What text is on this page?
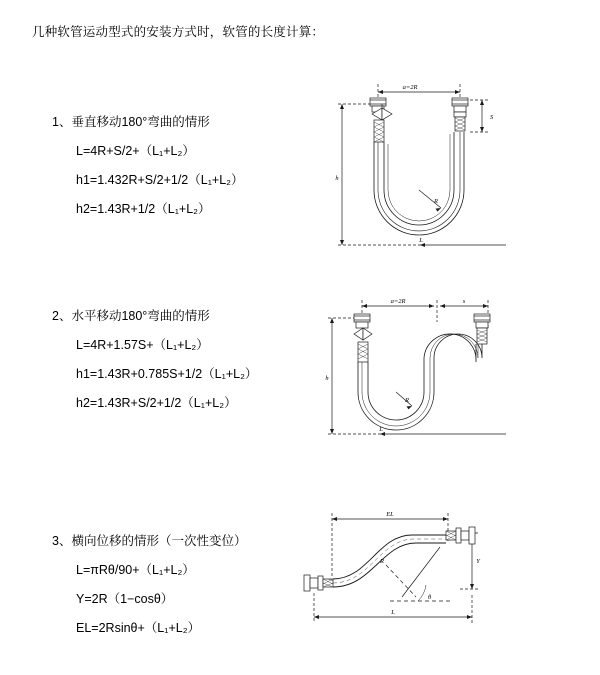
几种软管运动型式的安装方式时，软管的长度计算：
1、垂直移动180°弯曲的情形
L=4R+S/2+（L₁+L₂）
h1=1.432R+S/2+1/2（L₁+L₂）
h2=1.43R+1/2（L₁+L₂）
2、水平移动180°弯曲的情形
L=4R+1.57S+（L₁+L₂）
h1=1.43R+0.785S+1/2（L₁+L₂）
h2=1.43R+S/2+1/2（L₁+L₂）
3、横向位移的情形（一次性变位）
L=πRθ/90+（L₁+L₂）
Y=2R（1−cosθ）
EL=2Rsinθ+（L₁+L₂）
a=2R
h
R
L
S
a=2R	s
h
R
L
EL
Y
L
θ
R
